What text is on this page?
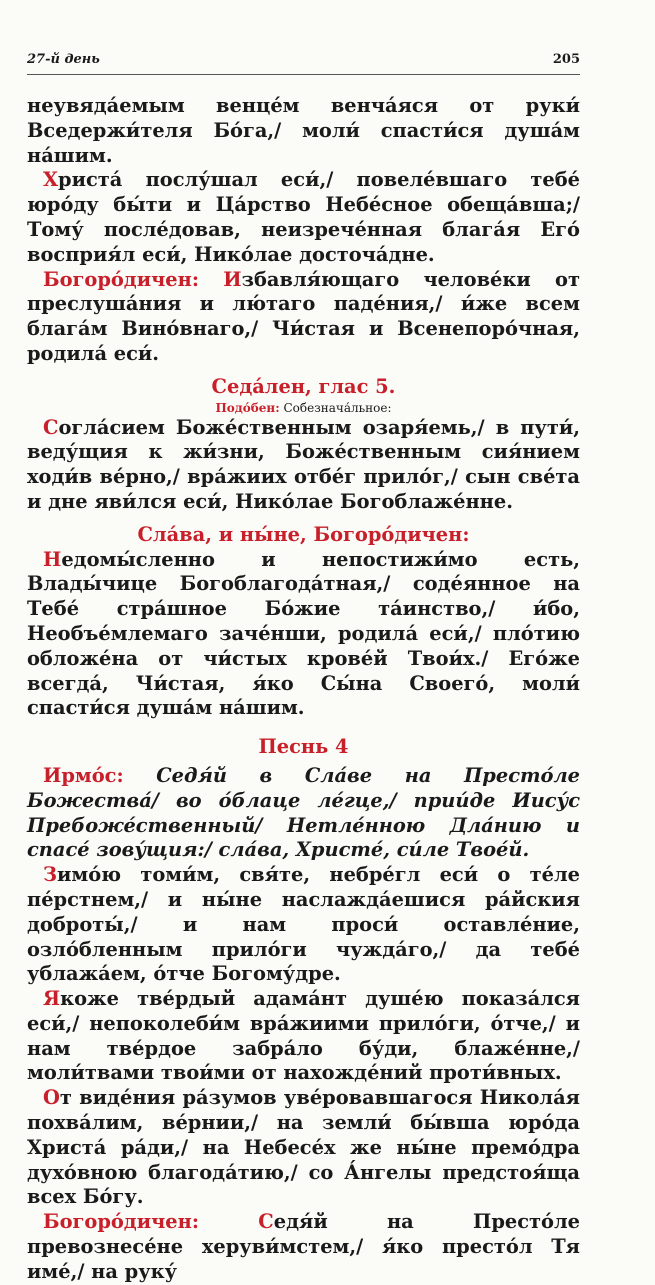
27-й день	205

неувяда́емым венце́м венча́яся от руки́ Вседержи́теля Бо́га,/ моли́ спасти́ся душа́м на́шим.

Христа́ послу́шал еси́,/ повеле́вшаго тебе́ юро́ду бы́ти и Ца́рство Небе́сное обеща́вша;/ Тому́ после́довав, неизрече́нная блага́я Его́ восприя́л еси́, Нико́лае досточа́дне.

Богоро́дичен: Избавля́ющаго челове́ки от преслуша́ния и лю́таго паде́ния,/ и́же всем блага́м Вино́внаго,/ Чи́стая и Всенепоро́чная, родила́ еси́.

Седа́лен, глас 5.
Подо́бен: Собезнача́льное:

Согла́сием Боже́ственным озаря́емь,/ в пути́, веду́щия к жи́зни, Боже́ственным сия́нием ходи́в ве́рно,/ вра́жиих отбе́г прило́г,/ сын све́та и дне яви́лся еси́, Нико́лае Богоблаже́нне.

Сла́ва, и ны́не, Богоро́дичен:

Недомы́сленно и непостижи́мо есть, Влады́чице Богоблагода́тная,/ соде́янное на Тебе́ стра́шное Бо́жие та́инство,/ и́бо, Необъе́млемаго заче́нши, родила́ еси́,/ пло́тию обложе́на от чи́стых крове́й Твои́х./ Его́же всегда́, Чи́стая, я́ко Сы́на Своего́, моли́ спасти́ся душа́м на́шим.

Песнь 4

Ирмо́с: Седя́й в Сла́ве на Престо́ле Божества́/ во о́блаце ле́гце,/ прии́де Иису́с Пребоже́ственный/ Нетле́нною Дла́нию и спасе́ зову́щия:/ сла́ва, Христе́, си́ле Твое́й.

Зимо́ю томи́м, свя́те, небре́гл еси́ о те́ле пе́рстнем,/ и ны́не наслажда́ешися ра́йския доброты́,/ и нам проси́ оставле́ние, озло́бленным прило́ги чужда́го,/ да тебе́ ублажа́ем, о́тче Богому́дре.

Якоже тве́рдый адама́нт душе́ю показа́лся еси́,/ непоколеби́м вра́жиими прило́ги, о́тче,/ и нам тве́рдое забра́ло бу́ди, блаже́нне,/ моли́твами твои́ми от нахожде́ний проти́вных.

От виде́ния ра́зумов уве́ровавшагося Никола́я похва́лим, ве́рнии,/ на земли́ бы́вша юро́да Христа́ ра́ди,/ на Небесе́х же ны́не премо́дра духо́вною благода́тию,/ со А́нгелы предстоя́ща всех Бо́гу.

Богоро́дичен: Седя́й на Престо́ле превознесе́не херуви́мстем,/ я́ко престо́л Тя име́,/ на руку́
